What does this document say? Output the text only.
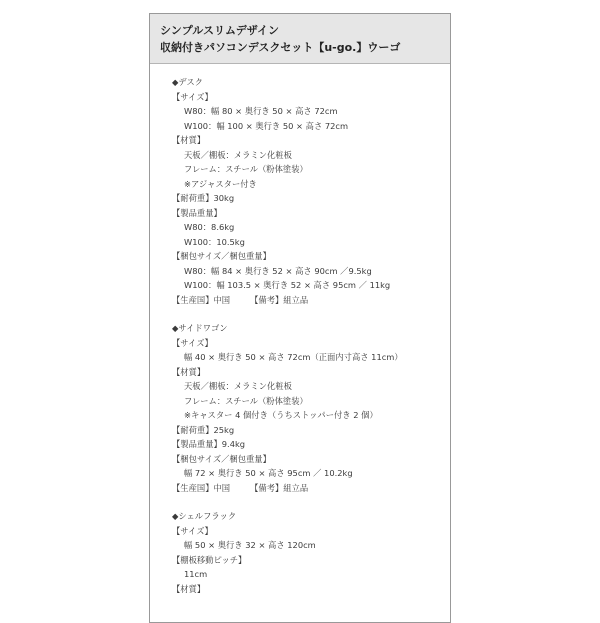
シンプルスリムデザイン
収納付きパソコンデスクセット【u-go.】ウーゴ
◆デスク
【サイズ】
W80：幅 80 × 奥行き 50 × 高さ 72cm
W100：幅 100 × 奥行き 50 × 高さ 72cm
【材質】
天板／棚板：メラミン化粧板
フレーム：スチール（粉体塗装）
※アジャスター付き
【耐荷重】30kg
【製品重量】
W80：8.6kg
W100：10.5kg
【梱包サイズ／梱包重量】
W80：幅 84 × 奥行き 52 × 高さ 90cm ／9.5kg
W100：幅 103.5 × 奥行き 52 × 高さ 95cm ／ 11kg
【生産国】中国 【備考】組立品
◆サイドワゴン
【サイズ】
幅 40 × 奥行き 50 × 高さ 72cm（正面内寸高さ 11cm）
【材質】
天板／棚板：メラミン化粧板
フレーム：スチール（粉体塗装）
※キャスター 4 個付き（うちストッパー付き 2 個）
【耐荷重】25kg
【製品重量】9.4kg
【梱包サイズ／梱包重量】
幅 72 × 奥行き 50 × 高さ 95cm ／ 10.2kg
【生産国】中国 【備考】組立品
◆シェルフラック
【サイズ】
幅 50 × 奥行き 32 × 高さ 120cm
【棚板移動ピッチ】
11cm
【材質】
